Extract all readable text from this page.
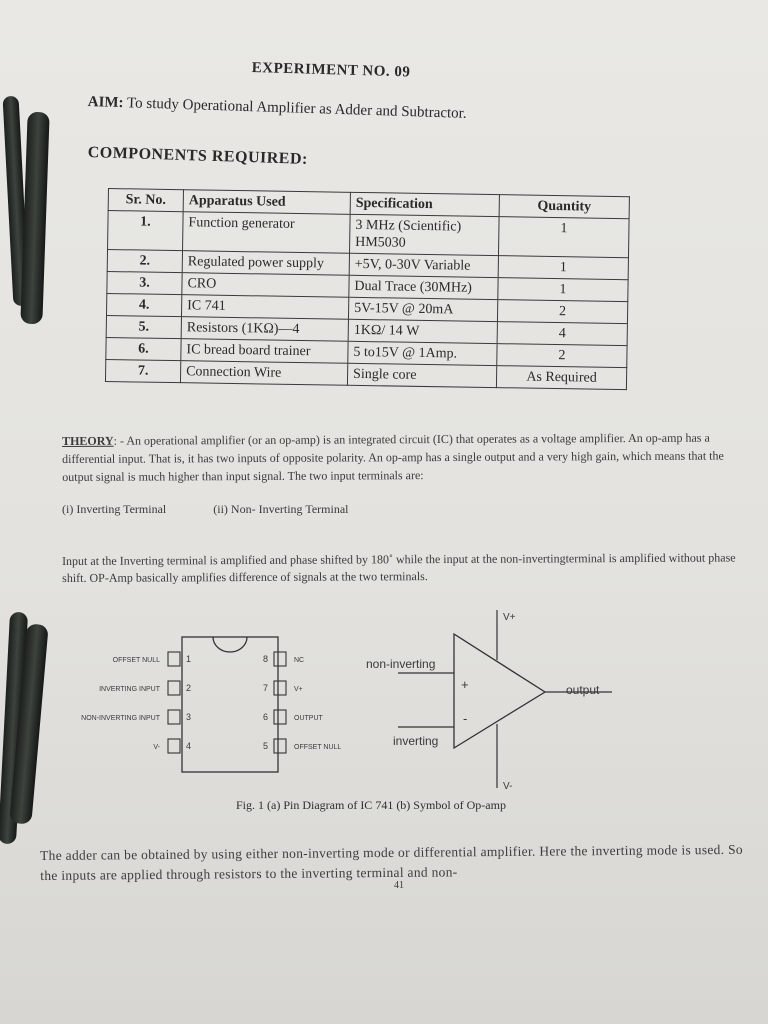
EXPERIMENT NO. 09
AIM: To study Operational Amplifier as Adder and Subtractor.
COMPONENTS REQUIRED:
Sr. No.	Apparatus Used	Specification	Quantity
1.	Function generator	3 MHz (Scientific) HM5030	1
2.	Regulated power supply	+5V, 0-30V Variable	1
3.	CRO	Dual Trace (30MHz)	1
4.	IC 741	5V-15V @ 20mA	2
5.	Resistors (1KΩ)—4	1KΩ/ 14 W	4
6.	IC bread board trainer	5 to15V @ 1Amp.	2
7.	Connection Wire	Single core	As Required
THEORY: - An operational amplifier (or an op-amp) is an integrated circuit (IC) that operates as a voltage amplifier. An op-amp has a differential input. That is, it has two inputs of opposite polarity. An op-amp has a single output and a very high gain, which means that the output signal is much higher than input signal. The two input terminals are:
(i) Inverting Terminal	(ii) Non- Inverting Terminal
Input at the Inverting terminal is amplified and phase shifted by 180˚ while the input at the non-invertingterminal is amplified without phase shift. OP-Amp basically amplifies difference of signals at the two terminals.
OFFSET NULL
INVERTING INPUT
NON-INVERTING INPUT
V-
1
2
3
4
8
7
6
5
NC
V+
OUTPUT
OFFSET NULL
V+
V-
non-inverting
inverting
+
-
output
Fig. 1 (a) Pin Diagram of IC 741 (b) Symbol of Op-amp
The adder can be obtained by using either non-inverting mode or differential amplifier. Here the inverting mode is used. So the inputs are applied through resistors to the inverting terminal and non-
41
